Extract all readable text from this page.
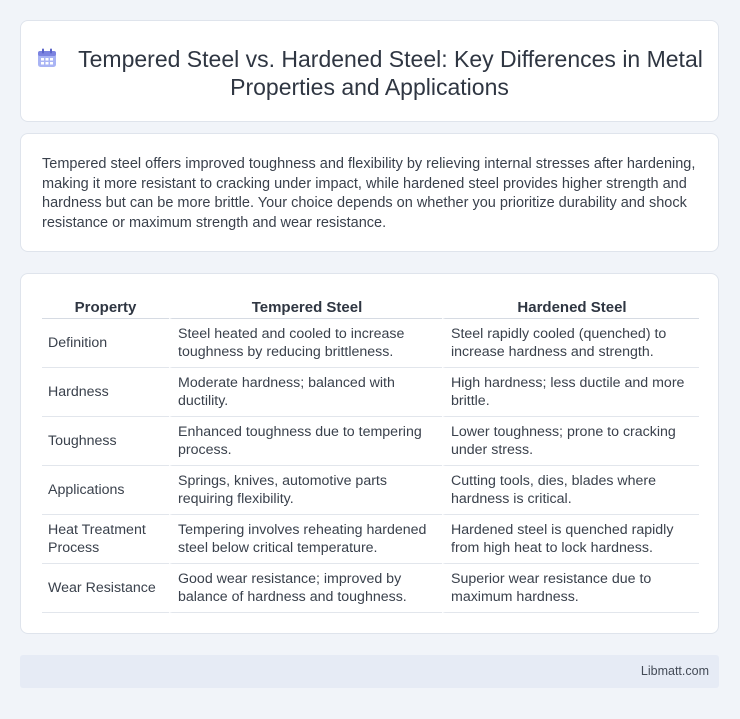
Tempered Steel vs. Hardened Steel: Key Differences in Metal Properties and Applications

Tempered steel offers improved toughness and flexibility by relieving internal stresses after hardening, making it more resistant to cracking under impact, while hardened steel provides higher strength and hardness but can be more brittle. Your choice depends on whether you prioritize durability and shock resistance or maximum strength and wear resistance.

Property	Tempered Steel	Hardened Steel
Definition	Steel heated and cooled to increase toughness by reducing brittleness.	Steel rapidly cooled (quenched) to increase hardness and strength.
Hardness	Moderate hardness; balanced with ductility.	High hardness; less ductile and more brittle.
Toughness	Enhanced toughness due to tempering process.	Lower toughness; prone to cracking under stress.
Applications	Springs, knives, automotive parts requiring flexibility.	Cutting tools, dies, blades where hardness is critical.
Heat Treatment Process	Tempering involves reheating hardened steel below critical temperature.	Hardened steel is quenched rapidly from high heat to lock hardness.
Wear Resistance	Good wear resistance; improved by balance of hardness and toughness.	Superior wear resistance due to maximum hardness.
Libmatt.com
